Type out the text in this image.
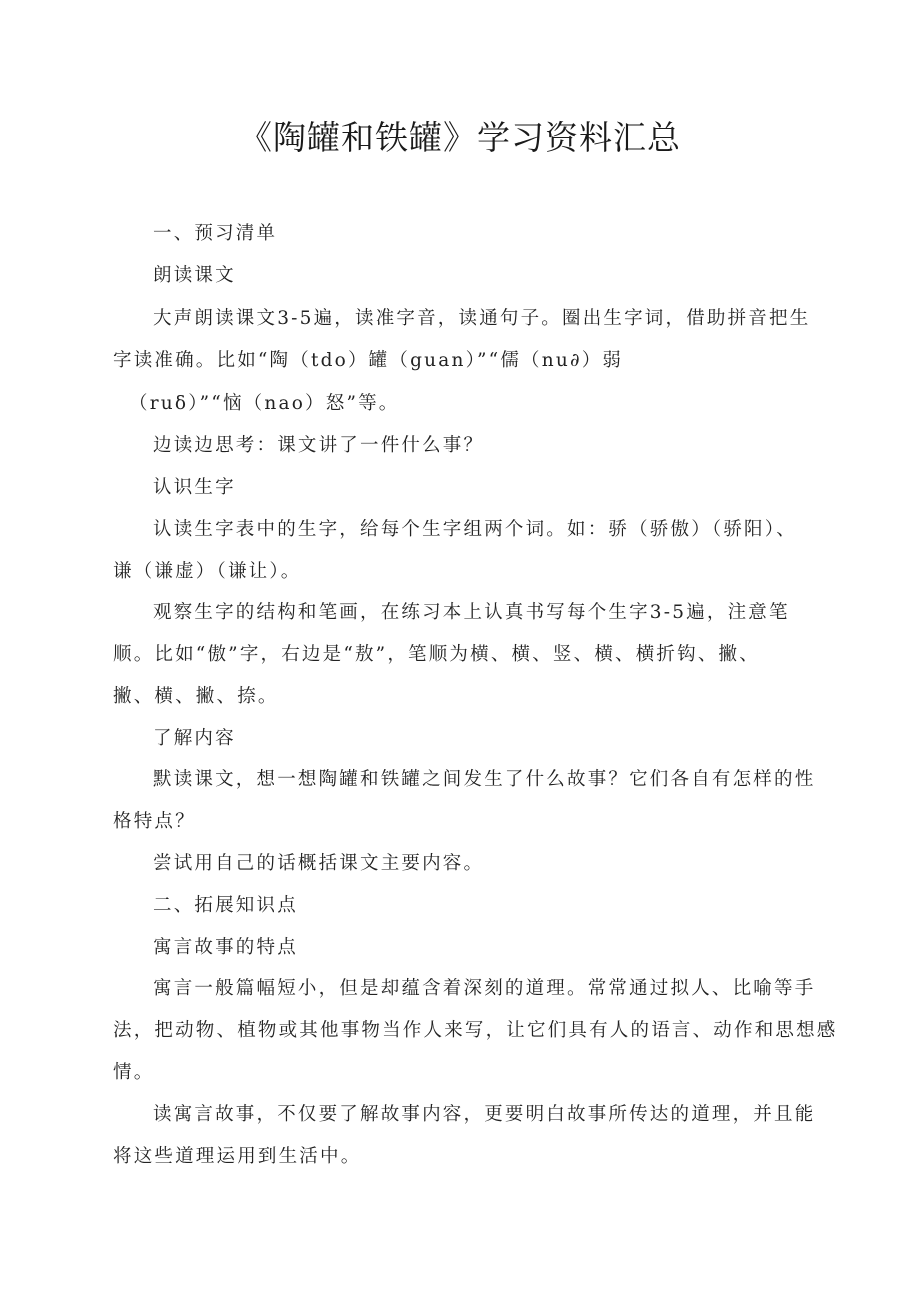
《陶罐和铁罐》学习资料汇总
一、预习清单
朗读课文
大声朗读课文3-5遍，读准字音，读通句子。圈出生字词，借助拼音把生
字读准确。比如“陶（tdo）罐（guan）”“儒（nu∂）弱
（ruδ）”“恼（nao）怒”等。
边读边思考：课文讲了一件什么事？
认识生字
认读生字表中的生字，给每个生字组两个词。如：骄（骄傲）（骄阳）、
谦（谦虚）（谦让）。
观察生字的结构和笔画，在练习本上认真书写每个生字3-5遍，注意笔
顺。比如“傲”字，右边是“敖”，笔顺为横、横、竖、横、横折钩、撇、
撇、横、撇、捺。
了解内容
默读课文，想一想陶罐和铁罐之间发生了什么故事？它们各自有怎样的性
格特点？
尝试用自己的话概括课文主要内容。
二、拓展知识点
寓言故事的特点
寓言一般篇幅短小，但是却蕴含着深刻的道理。常常通过拟人、比喻等手
法，把动物、植物或其他事物当作人来写，让它们具有人的语言、动作和思想感
情。
读寓言故事，不仅要了解故事内容，更要明白故事所传达的道理，并且能
将这些道理运用到生活中。
